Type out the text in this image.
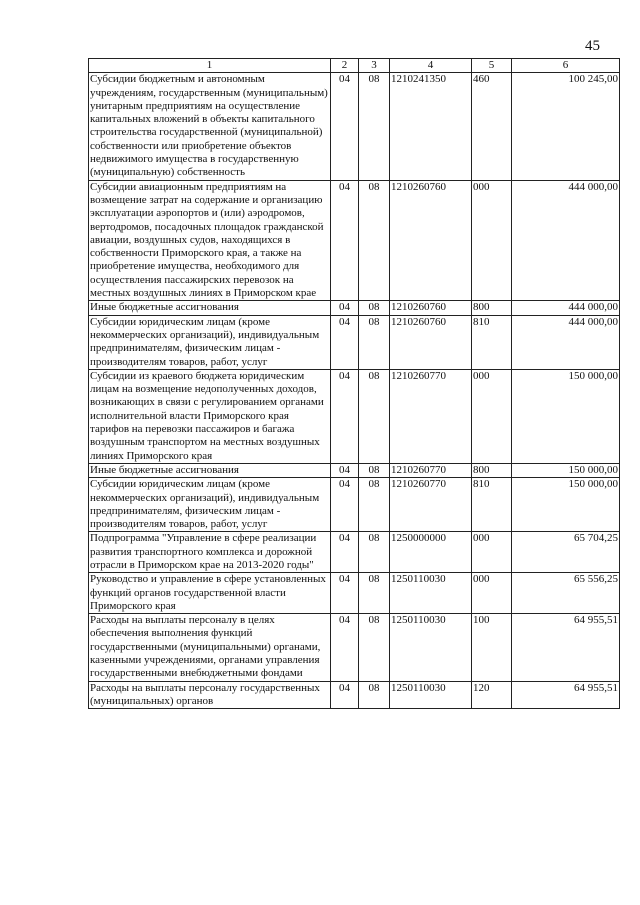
45
1	2	3	4	5	6
Субсидии бюджетным и автономным учреждениям, государственным (муниципальным) унитарным предприятиям на осуществление капитальных вложений в объекты капитального строительства государственной (муниципальной) собственности или приобретение объектов недвижимого имущества в государственную (муниципальную) собственность	04	08	1210241350	460	100 245,00
Субсидии авиационным предприятиям на возмещение затрат на содержание и организацию эксплуатации аэропортов и (или) аэродромов, вертодромов, посадочных площадок гражданской авиации, воздушных судов, находящихся в собственности Приморского края, а также на приобретение имущества, необходимого для осуществления пассажирских перевозок на местных воздушных линиях в Приморском крае	04	08	1210260760	000	444 000,00
Иные бюджетные ассигнования	04	08	1210260760	800	444 000,00
Субсидии юридическим лицам (кроме некоммерческих организаций), индивидуальным предпринимателям, физическим лицам - производителям товаров, работ, услуг	04	08	1210260760	810	444 000,00
Субсидии из краевого бюджета юридическим лицам на возмещение недополученных доходов, возникающих в связи с регулированием органами исполнительной власти Приморского края тарифов на перевозки пассажиров и багажа воздушным транспортом на местных воздушных линиях Приморского края	04	08	1210260770	000	150 000,00
Иные бюджетные ассигнования	04	08	1210260770	800	150 000,00
Субсидии юридическим лицам (кроме некоммерческих организаций), индивидуальным предпринимателям, физическим лицам - производителям товаров, работ, услуг	04	08	1210260770	810	150 000,00
Подпрограмма "Управление в сфере реализации развития транспортного комплекса и дорожной отрасли в Приморском крае на 2013-2020 годы"	04	08	1250000000	000	65 704,25
Руководство и управление в сфере установленных функций органов государственной власти Приморского края	04	08	1250110030	000	65 556,25
Расходы на выплаты персоналу в целях обеспечения выполнения функций государственными (муниципальными) органами, казенными учреждениями, органами управления государственными внебюджетными фондами	04	08	1250110030	100	64 955,51
Расходы на выплаты персоналу государственных (муниципальных) органов	04	08	1250110030	120	64 955,51
